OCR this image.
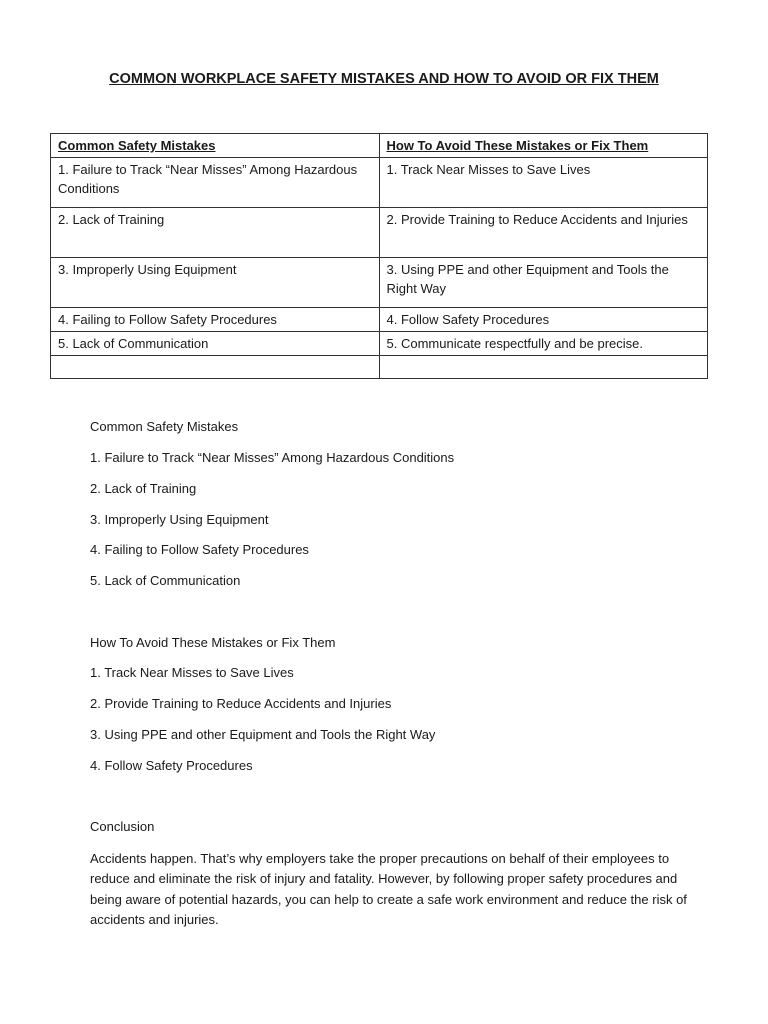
COMMON WORKPLACE SAFETY MISTAKES AND HOW TO AVOID OR FIX THEM
Common Safety Mistakes	How To Avoid These Mistakes or Fix Them
1. Failure to Track “Near Misses” Among Hazardous Conditions	1. Track Near Misses to Save Lives
2. Lack of Training	2. Provide Training to Reduce Accidents and Injuries
3. Improperly Using Equipment	3. Using PPE and other Equipment and Tools the Right Way
4. Failing to Follow Safety Procedures	4. Follow Safety Procedures
5. Lack of Communication	5. Communicate respectfully and be precise.

Common Safety Mistakes
1. Failure to Track “Near Misses” Among Hazardous Conditions
2. Lack of Training
3. Improperly Using Equipment
4. Failing to Follow Safety Procedures
5. Lack of Communication
How To Avoid These Mistakes or Fix Them
1. Track Near Misses to Save Lives
2. Provide Training to Reduce Accidents and Injuries
3. Using PPE and other Equipment and Tools the Right Way
4. Follow Safety Procedures
Conclusion
Accidents happen. That’s why employers take the proper precautions on behalf of their employees to reduce and eliminate the risk of injury and fatality. However, by following proper safety procedures and being aware of potential hazards, you can help to create a safe work environment and reduce the risk of accidents and injuries.
